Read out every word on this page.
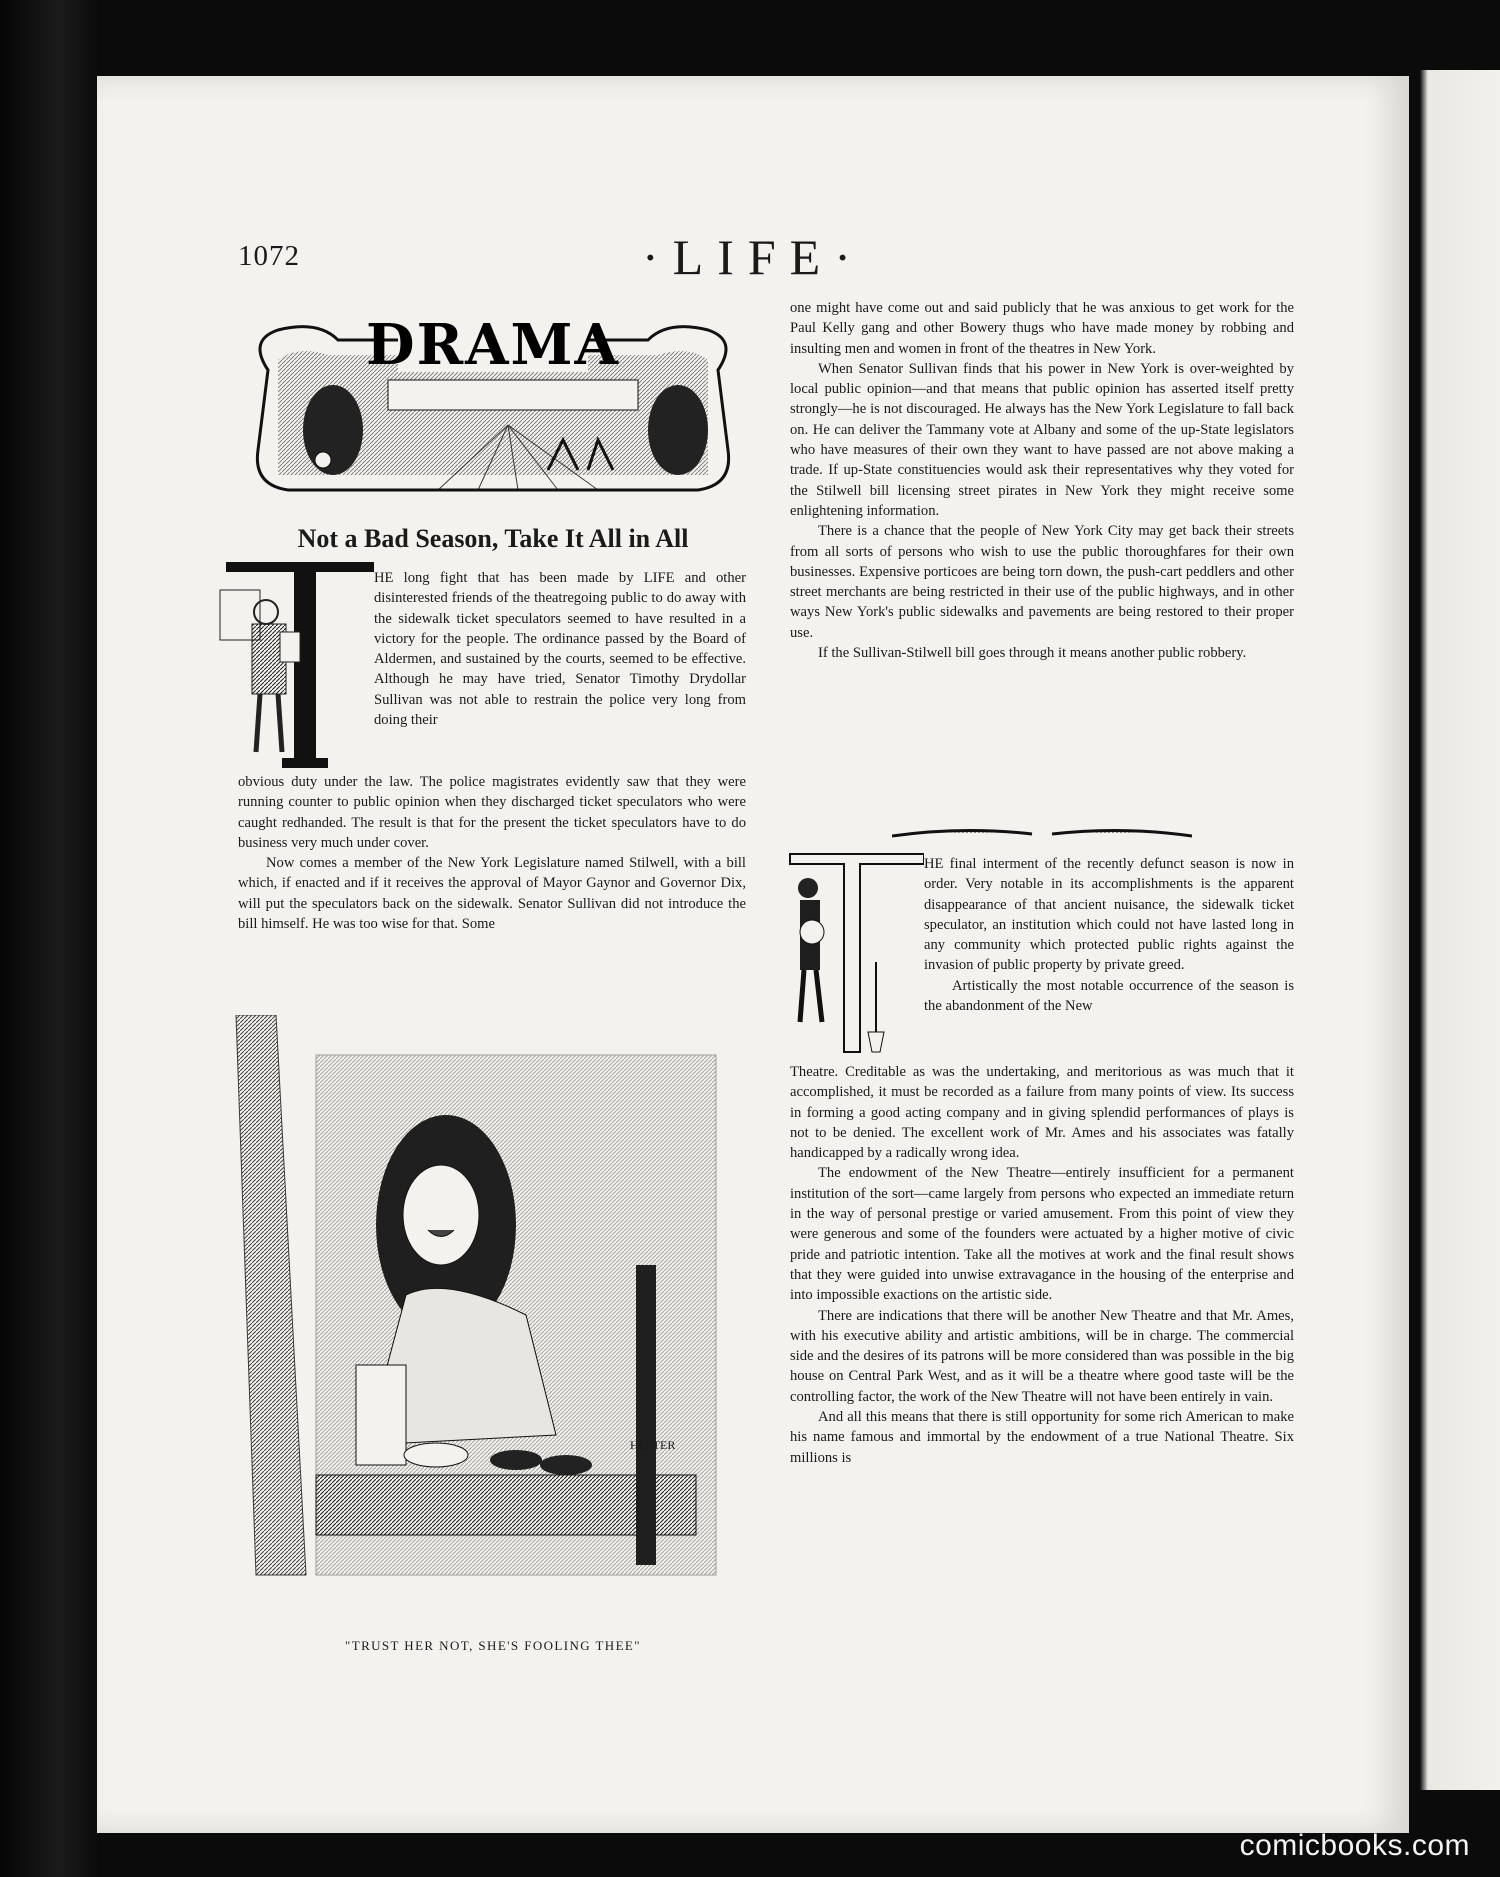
1072	·LIFE·
DRAMA
Not a Bad Season, Take It All in All

HE long fight that has been made by LIFE and other disinterested friends of the theatregoing public to do away with the sidewalk ticket speculators seemed to have resulted in a victory for the people. The ordinance passed by the Board of Aldermen, and sustained by the courts, seemed to be effective. Although he may have tried, Senator Timothy Drydollar Sullivan was not able to restrain the police very long from doing their

obvious duty under the law. The police magistrates evidently saw that they were running counter to public opinion when they discharged ticket speculators who were caught redhanded. The result is that for the present the ticket speculators have to do business very much under cover.

Now comes a member of the New York Legislature named Stilwell, with a bill which, if enacted and if it receives the approval of Mayor Gaynor and Governor Dix, will put the speculators back on the sidewalk. Senator Sullivan did not introduce the bill himself. He was too wise for that. Some

HESTER
"TRUST HER NOT, SHE'S FOOLING THEE"

one might have come out and said publicly that he was anxious to get work for the Paul Kelly gang and other Bowery thugs who have made money by robbing and insulting men and women in front of the theatres in New York.

When Senator Sullivan finds that his power in New York is over-weighted by local public opinion—and that means that public opinion has asserted itself pretty strongly—he is not discouraged. He always has the New York Legislature to fall back on. He can deliver the Tammany vote at Albany and some of the up-State legislators who have measures of their own they want to have passed are not above making a trade. If up-State constituencies would ask their representatives why they voted for the Stilwell bill licensing street pirates in New York they might receive some enlightening information.

There is a chance that the people of New York City may get back their streets from all sorts of persons who wish to use the public thoroughfares for their own businesses. Expensive porticoes are being torn down, the push-cart peddlers and other street merchants are being restricted in their use of the public highways, and in other ways New York's public sidewalks and pavements are being restored to their proper use.

If the Sullivan-Stilwell bill goes through it means another public robbery.

HE final interment of the recently defunct season is now in order. Very notable in its accomplishments is the apparent disappearance of that ancient nuisance, the sidewalk ticket speculator, an institution which could not have lasted long in any community which protected public rights against the invasion of public property by private greed.

Artistically the most notable occurrence of the season is the abandonment of the New

Theatre. Creditable as was the undertaking, and meritorious as was much that it accomplished, it must be recorded as a failure from many points of view. Its success in forming a good acting company and in giving splendid performances of plays is not to be denied. The excellent work of Mr. Ames and his associates was fatally handicapped by a radically wrong idea.

The endowment of the New Theatre—entirely insufficient for a permanent institution of the sort—came largely from persons who expected an immediate return in the way of personal prestige or varied amusement. From this point of view they were generous and some of the founders were actuated by a higher motive of civic pride and patriotic intention. Take all the motives at work and the final result shows that they were guided into unwise extravagance in the housing of the enterprise and into impossible exactions on the artistic side.

There are indications that there will be another New Theatre and that Mr. Ames, with his executive ability and artistic ambitions, will be in charge. The commercial side and the desires of its patrons will be more considered than was possible in the big house on Central Park West, and as it will be a theatre where good taste will be the controlling factor, the work of the New Theatre will not have been entirely in vain.

And all this means that there is still opportunity for some rich American to make his name famous and immortal by the endowment of a true National Theatre. Six millions is

comicbooks.com
